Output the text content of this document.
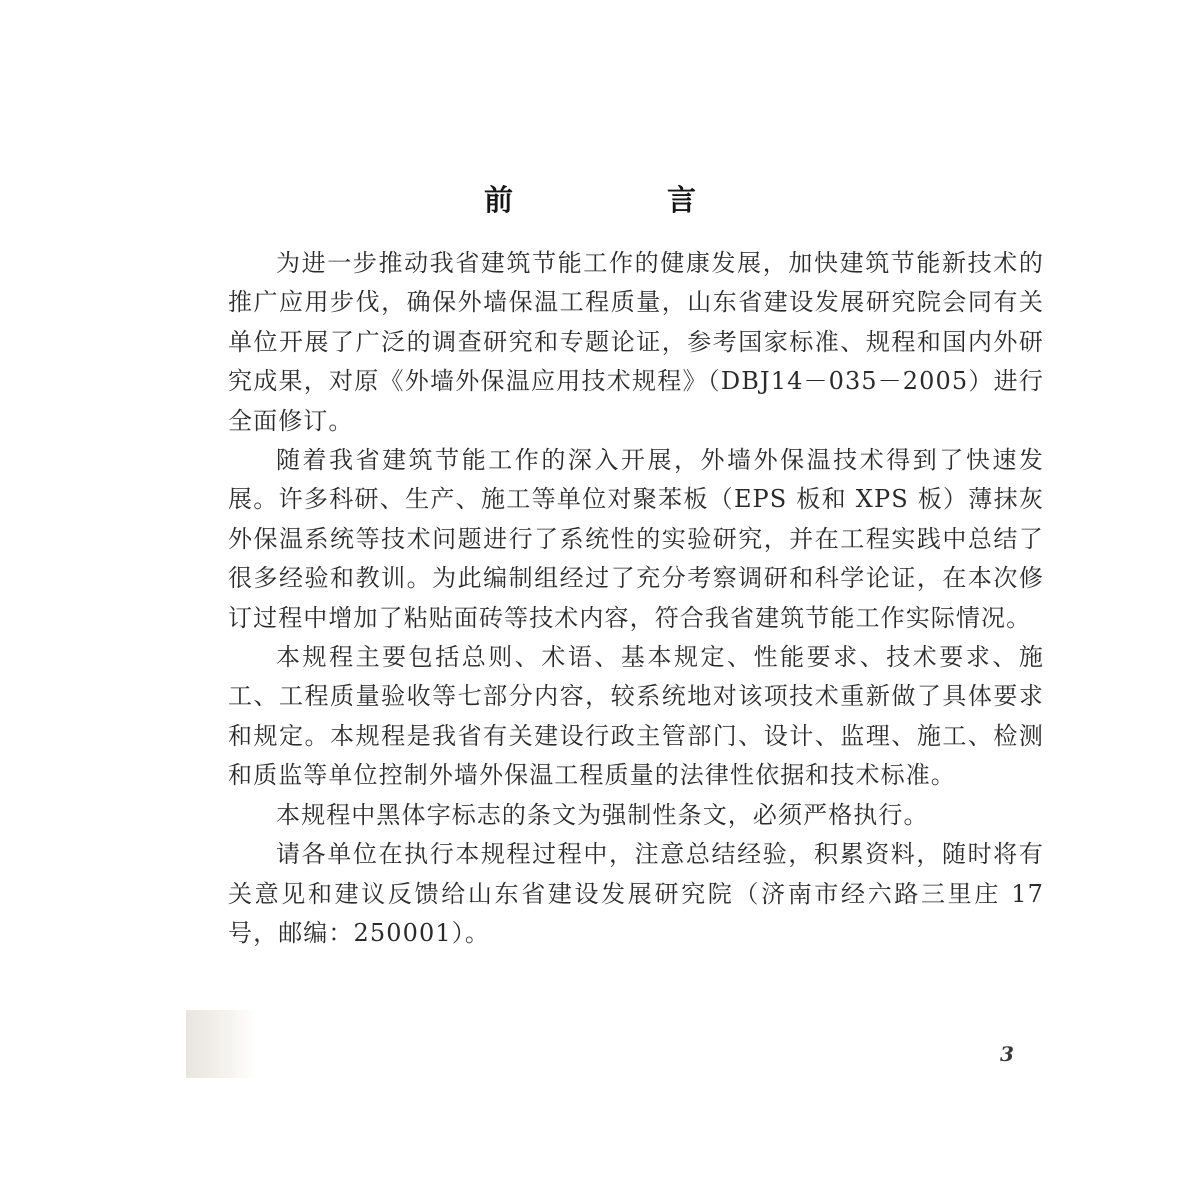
前 言

为进一步推动我省建筑节能工作的健康发展，加快建筑节能新技术的推广应用步伐，确保外墙保温工程质量，山东省建设发展研究院会同有关单位开展了广泛的调查研究和专题论证，参考国家标准、规程和国内外研究成果，对原《外墙外保温应用技术规程》（DBJ14－035－2005）进行全面修订。

随着我省建筑节能工作的深入开展，外墙外保温技术得到了快速发展。许多科研、生产、施工等单位对聚苯板（EPS 板和 XPS 板）薄抹灰外保温系统等技术问题进行了系统性的实验研究，并在工程实践中总结了很多经验和教训。为此编制组经过了充分考察调研和科学论证，在本次修订过程中增加了粘贴面砖等技术内容，符合我省建筑节能工作实际情况。

本规程主要包括总则、术语、基本规定、性能要求、技术要求、施工、工程质量验收等七部分内容，较系统地对该项技术重新做了具体要求和规定。本规程是我省有关建设行政主管部门、设计、监理、施工、检测和质监等单位控制外墙外保温工程质量的法律性依据和技术标准。

本规程中黑体字标志的条文为强制性条文，必须严格执行。

请各单位在执行本规程过程中，注意总结经验，积累资料，随时将有关意见和建议反馈给山东省建设发展研究院（济南市经六路三里庄 17 号，邮编：250001）。

3
